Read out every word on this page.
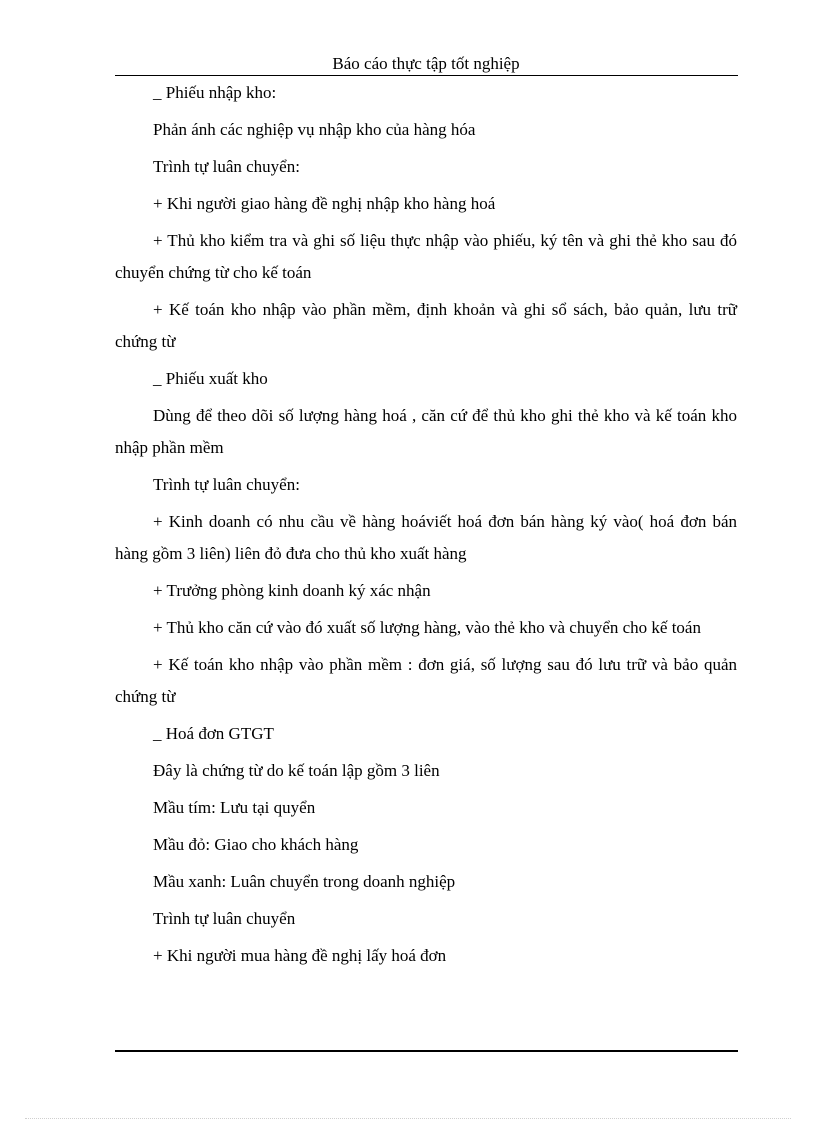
Báo cáo thực tập tốt nghiệp

_ Phiếu nhập kho:

Phản ánh các nghiệp vụ nhập kho của hàng hóa

Trình tự luân chuyển:

+ Khi người giao hàng đề nghị nhập kho hàng hoá

+ Thủ kho kiểm tra và ghi số liệu thực nhập vào phiếu, ký tên và ghi thẻ kho sau đó chuyển chứng từ cho kế toán

+ Kế toán kho nhập vào phần mềm, định khoản và ghi sổ sách, bảo quản, lưu trữ chứng từ

_ Phiếu xuất kho

Dùng để theo dõi số lượng hàng hoá , căn cứ để thủ kho ghi thẻ kho và kế toán kho nhập phần mềm

Trình tự luân chuyển:

+ Kinh doanh có nhu cầu về hàng hoáviết hoá đơn bán hàng ký vào( hoá đơn bán hàng gồm 3 liên) liên đỏ đưa cho thủ kho xuất hàng

+ Trưởng phòng kinh doanh ký xác nhận

+ Thủ kho căn cứ vào đó xuất số lượng hàng, vào thẻ kho và chuyển cho kế toán

+ Kế toán kho nhập vào phần mềm : đơn giá, số lượng sau đó lưu trữ và bảo quản chứng từ

_ Hoá đơn GTGT

Đây là chứng từ do kế toán lập gồm 3 liên

Mầu tím: Lưu tại quyển

Mầu đỏ: Giao cho khách hàng

Mầu xanh: Luân chuyển trong doanh nghiệp

Trình tự luân chuyển

+ Khi người mua hàng đề nghị lấy hoá đơn
